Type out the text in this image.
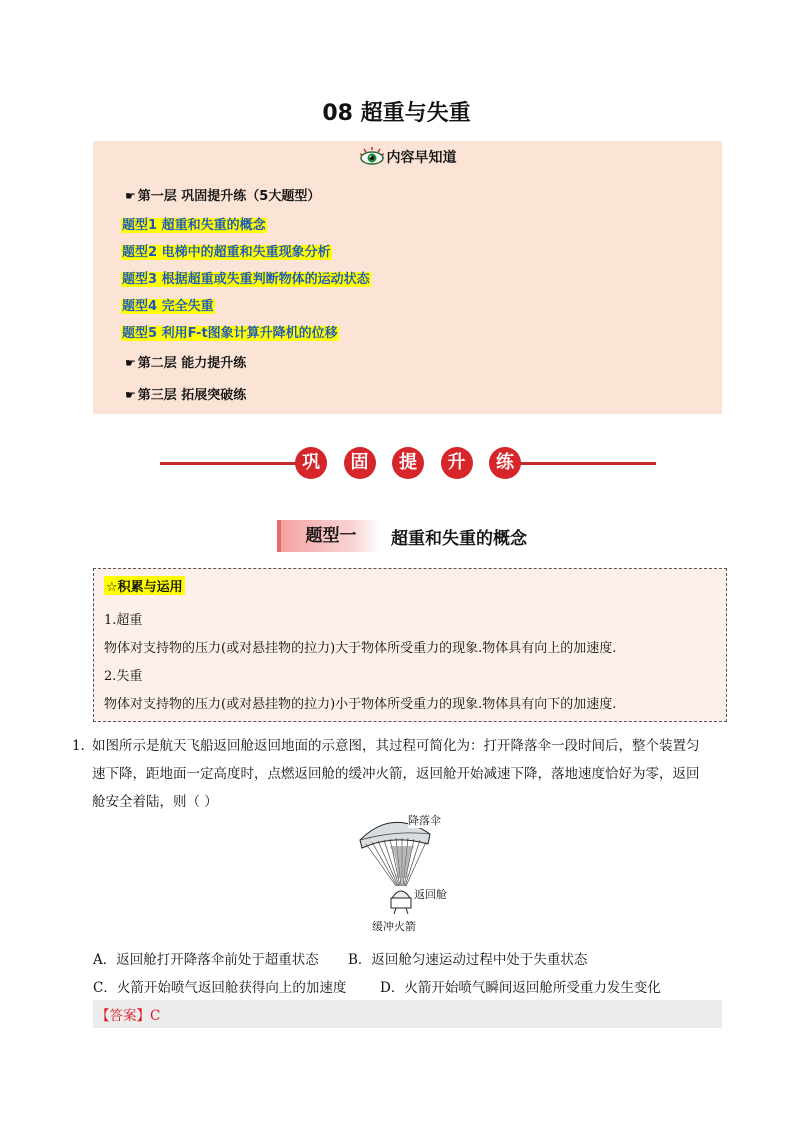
08 超重与失重
内容早知道
☛ 第一层 巩固提升练（5大题型）
题型1 超重和失重的概念
题型2 电梯中的超重和失重现象分析
题型3 根据超重或失重判断物体的运动状态
题型4 完全失重
题型5 利用F-t图象计算升降机的位移
☛ 第二层 能力提升练
☛ 第三层 拓展突破练
巩	固	提	升	练
题型一	超重和失重的概念
☆积累与运用
1.超重
物体对支持物的压力(或对悬挂物的拉力)大于物体所受重力的现象.物体具有向上的加速度.
2.失重
物体对支持物的压力(或对悬挂物的拉力)小于物体所受重力的现象.物体具有向下的加速度.
1．
如图所示是航天飞船返回舱返回地面的示意图，其过程可简化为：打开降落伞一段时间后，整个装置匀
速下降，距地面一定高度时，点燃返回舱的缓冲火箭，返回舱开始减速下降，落地速度恰好为零，返回
舱安全着陆，则（ ）
降落伞
返回舱
缓冲火箭
A．返回舱打开降落伞前处于超重状态 B．返回舱匀速运动过程中处于失重状态
C．火箭开始喷气返回舱获得向上的加速度 D．火箭开始喷气瞬间返回舱所受重力发生变化
【答案】C
